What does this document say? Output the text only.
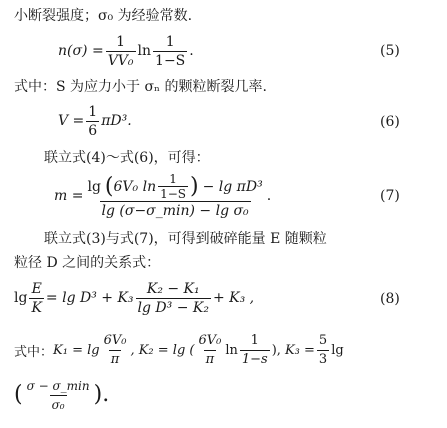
小断裂强度；σ₀ 为经验常数.
$n(\sigma) = \frac{1}{\text{VV₀}}$ $\ln \frac{1}{1-S}$ .	(5)
式中：S 为应力小于 σₙ 的颗粒断裂几率.
$V = \frac{1}{6} \pi D^3$.	(6)
联立式(4)～式(6)，可得：
m =
lg ( 6V₀ $\ln \frac{1}{1-S}$ ) − lg πD³
lg (σ−σ_min) − lg σ₀
.	(7)
联立式(3)与式(7)，可得到破碎能量 E 随颗粒
粒径 D 之间的关系式：
$\lg \frac{E}{K} = \lg D^3 + K_3 \frac{\text{K₂ − K₁}}{\text{lg D³ − K₂}} + K_3$ ,	(8)
式中： $K_1 = \lg \frac{\text{6V₀}}{\pi}$ , K₂ = lg ( $\frac{\text{6V₀}}{\pi}$ $\ln \frac{1}{1-s}$ ), $K_3 = \frac{5}{3}$ lg
( $\frac{\sigma - \sigma\_\min}{\text{σ₀}}$ ).
